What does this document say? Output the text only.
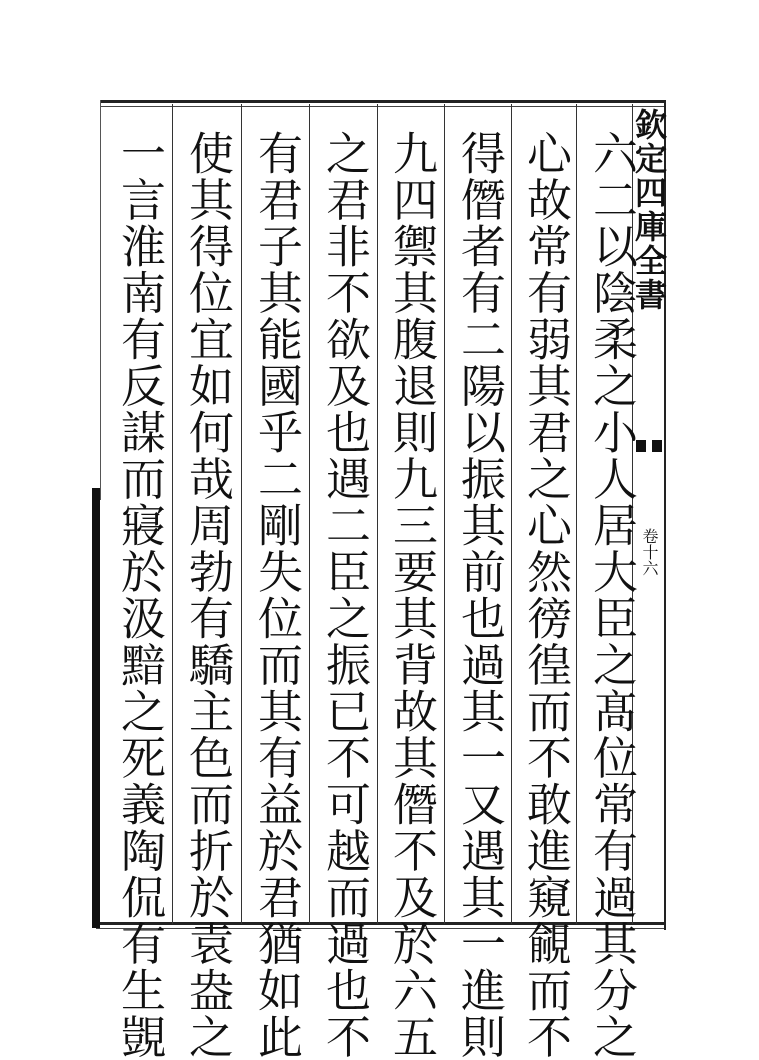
欽定四庫全書
卷十六
六二以陰柔之小人居大臣之髙位常有過其分之
心故常有弱其君之心然徬徨而不敢進窺覦而不
得僭者有二陽以振其前也過其一又遇其一進則
九四禦其腹退則九三要其背故其僭不及於六五
之君非不欲及也遇二臣之振已不可越而過也不
有君子其能國乎二剛失位而其有益於君猶如此
使其得位宜如何哉周勃有驕主色而折於袁盎之
一言淮南有反謀而寢於汲黯之死義陶侃有生覬
